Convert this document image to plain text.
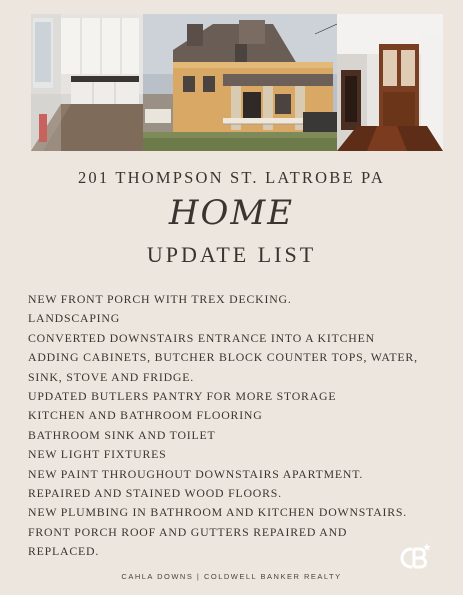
201 THOMPSON ST. LATROBE PA
HOME
UPDATE LIST
NEW FRONT PORCH WITH TREX DECKING.
LANDSCAPING
CONVERTED DOWNSTAIRS ENTRANCE INTO A KITCHEN
ADDING CABINETS, BUTCHER BLOCK COUNTER TOPS, WATER,
SINK, STOVE AND FRIDGE.
UPDATED BUTLERS PANTRY FOR MORE STORAGE
KITCHEN AND BATHROOM FLOORING
BATHROOM SINK AND TOILET
NEW LIGHT FIXTURES
NEW PAINT THROUGHOUT DOWNSTAIRS APARTMENT.
REPAIRED AND STAINED WOOD FLOORS.
NEW PLUMBING IN BATHROOM AND KITCHEN DOWNSTAIRS.
FRONT PORCH ROOF AND GUTTERS REPAIRED AND
REPLACED.
CAHLA DOWNS | COLDWELL BANKER REALTY
